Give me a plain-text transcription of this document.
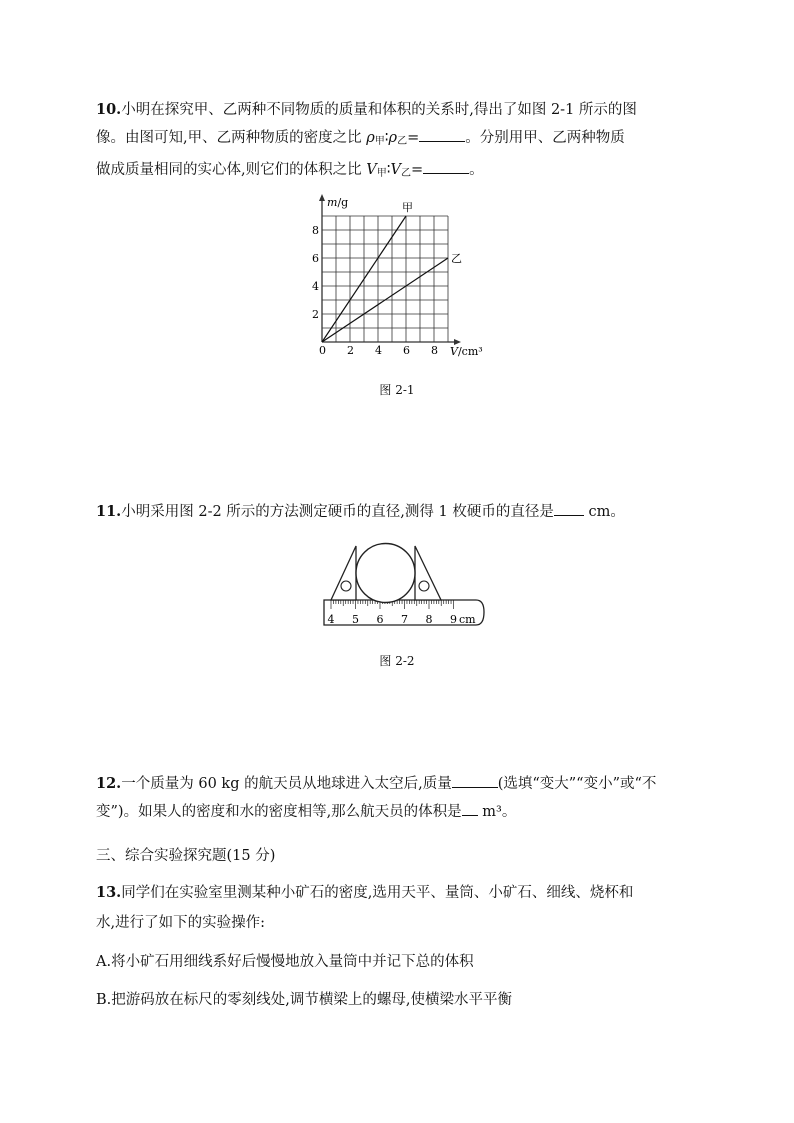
10.小明在探究甲、乙两种不同物质的质量和体积的关系时,得出了如图 2-1 所示的图
像。由图可知,甲、乙两种物质的密度之比 $\rho_甲∶\rho_乙=$	。分别用甲、乙两种物质
做成质量相同的实心体,则它们的体积之比 $V_甲∶V_乙=$	。
2 4 6 8
2
4
6
8
m/g
V/cm³
0
甲
乙
图 2-1
11.小明采用图 2-2 所示的方法测定硬币的直径,测得 1 枚硬币的直径是 cm。
4 5 6 7 8 9 cm
图 2-2
12.一个质量为 60 kg 的航天员从地球进入太空后,质量	(选填“变大”“变小”或“不
变”)。如果人的密度和水的密度相等,那么航天员的体积是 m³。
三、综合实验探究题(15 分)
13.同学们在实验室里测某种小矿石的密度,选用天平、量筒、小矿石、细线、烧杯和
水,进行了如下的实验操作:
A.将小矿石用细线系好后慢慢地放入量筒中并记下总的体积
B.把游码放在标尺的零刻线处,调节横梁上的螺母,使横梁水平平衡
